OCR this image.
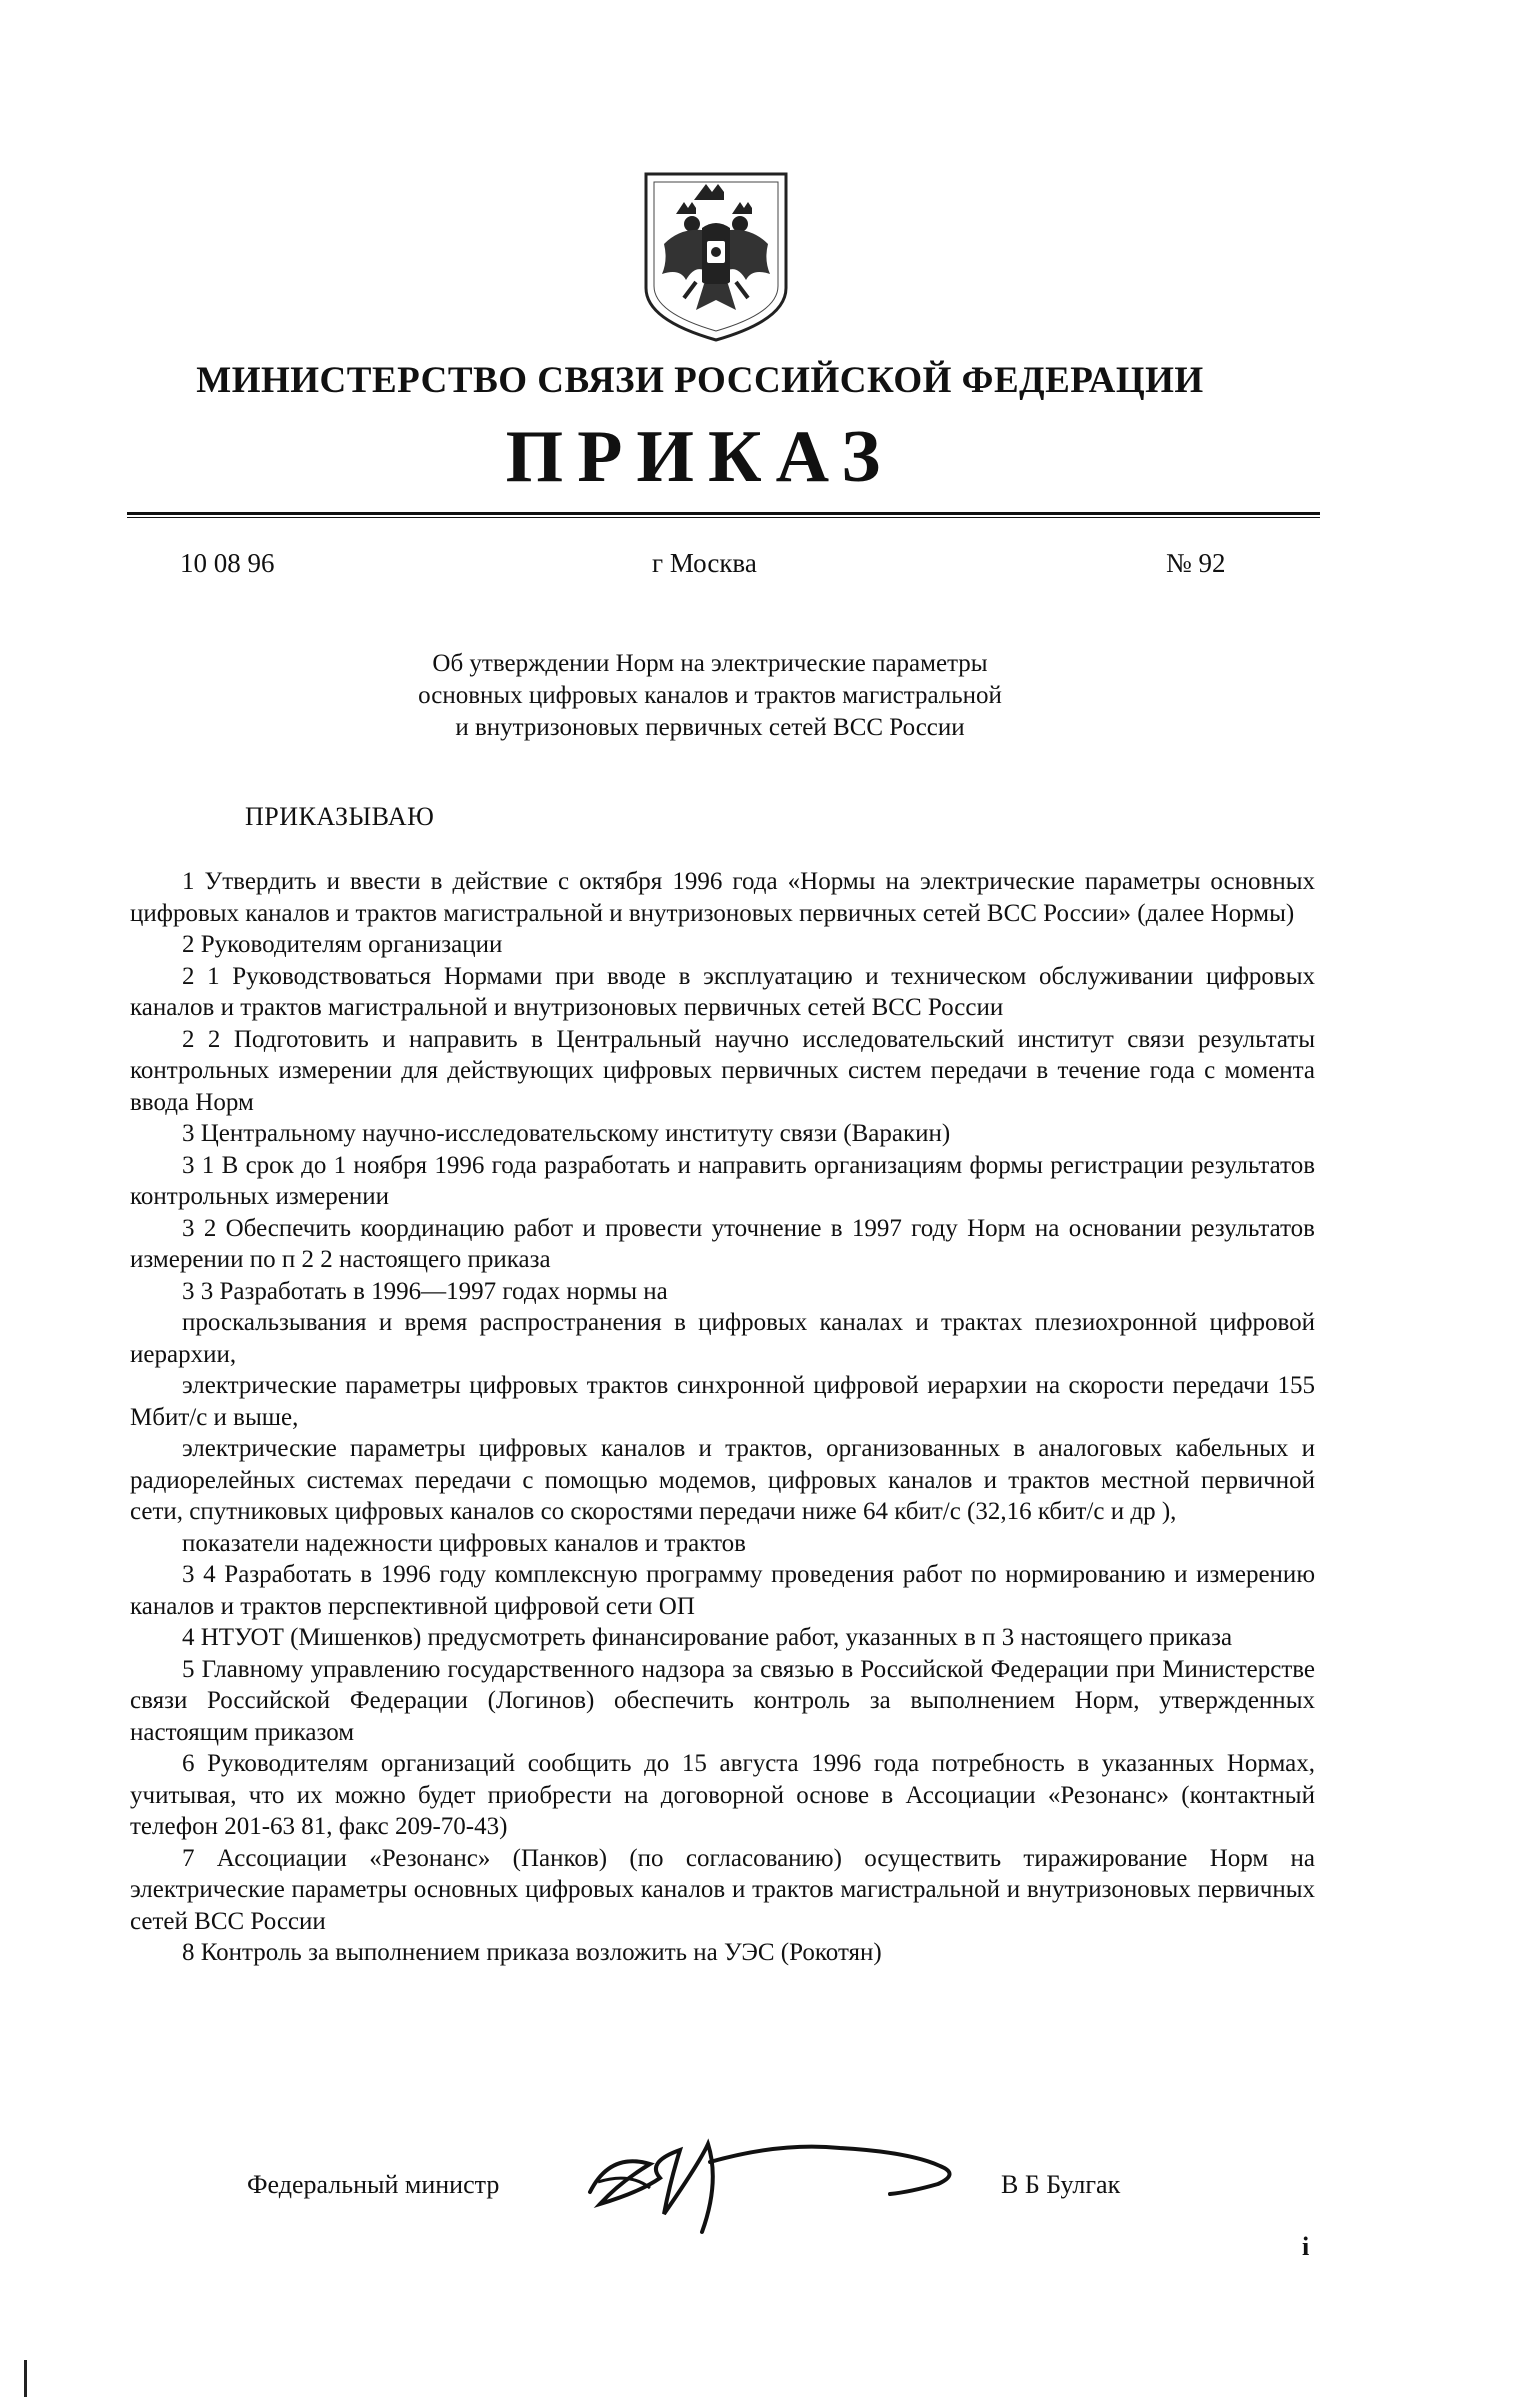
МИНИСТЕРСТВО СВЯЗИ РОССИЙСКОЙ ФЕДЕРАЦИИ
ПРИКАЗ
10 08 96	г Москва	№ 92
Об утверждении Норм на электрические параметры
основных цифровых каналов и трактов магистральной
и внутризоновых первичных сетей ВСС России
ПРИКАЗЫВАЮ

1 Утвердить и ввести в действие с октября 1996 года «Нормы на электрические параметры основных цифровых каналов и трактов магистральной и внутризоновых первичных сетей ВСС России» (далее Нормы)

2 Руководителям организации

2 1 Руководствоваться Нормами при вводе в эксплуатацию и техническом обслуживании цифровых каналов и трактов магистральной и внутризоновых первичных сетей ВСС России

2 2 Подготовить и направить в Центральный научно исследовательский институт связи результаты контрольных измерении для действующих цифровых первичных систем передачи в течение года с момента ввода Норм

3 Центральному научно-исследовательскому институту связи (Варакин)

3 1 В срок до 1 ноября 1996 года разработать и направить организациям формы регистрации результатов контрольных измерении

3 2 Обеспечить координацию работ и провести уточнение в 1997 году Норм на основании результатов измерении по п 2 2 настоящего приказа

3 3 Разработать в 1996—1997 годах нормы на

проскальзывания и время распространения в цифровых каналах и трактах плезиохронной цифровой иерархии,

электрические параметры цифровых трактов синхронной цифровой иерархии на скорости передачи 155 Мбит/с и выше,

электрические параметры цифровых каналов и трактов, организованных в аналоговых кабельных и радиорелейных системах передачи с помощью модемов, цифровых каналов и трактов местной первичной сети, спутниковых цифровых каналов со скоростями передачи ниже 64 кбит/с (32,16 кбит/с и др ),

показатели надежности цифровых каналов и трактов

3 4 Разработать в 1996 году комплексную программу проведения работ по нормированию и измерению каналов и трактов перспективной цифровой сети ОП

4 НТУОТ (Мишенков) предусмотреть финансирование работ, указанных в п 3 настоящего приказа

5 Главному управлению государственного надзора за связью в Российской Федерации при Министерстве связи Российской Федерации (Логинов) обеспечить контроль за выполнением Норм, утвержденных настоящим приказом

6 Руководителям организаций сообщить до 15 августа 1996 года потребность в указанных Нормах, учитывая, что их можно будет приобрести на договорной основе в Ассоциации «Резонанс» (контактный телефон 201-63 81, факс 209-70-43)

7 Ассоциации «Резонанс» (Панков) (по согласованию) осуществить тиражирование Норм на электрические параметры основных цифровых каналов и трактов магистральной и внутризоновых первичных сетей ВСС России

8 Контроль за выполнением приказа возложить на УЭС (Рокотян)

Федеральный министр	В Б Булгак
i
